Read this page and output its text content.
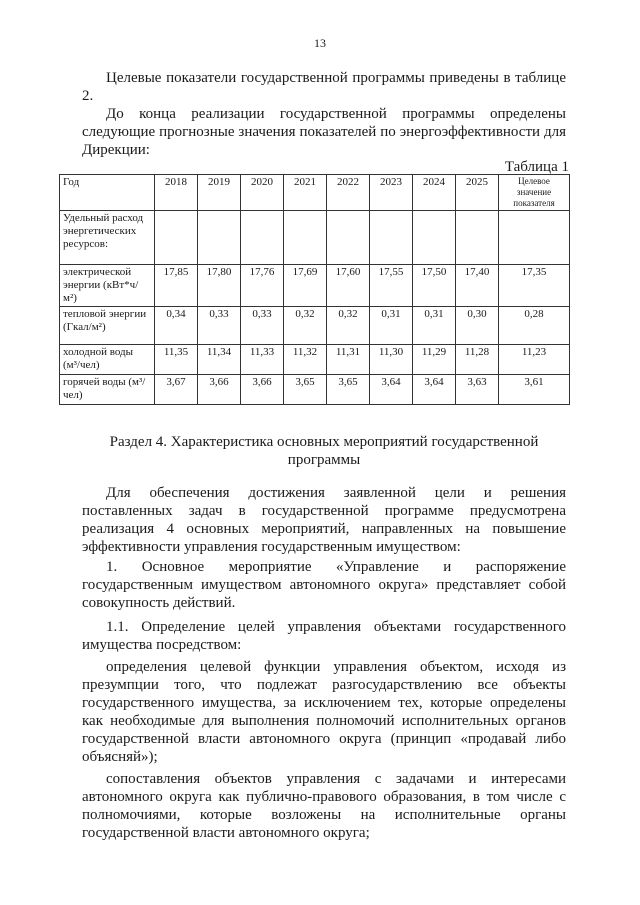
13

Целевые показатели государственной программы приведены в таблице 2.

До конца реализации государственной программы определены следующие прогнозные значения показателей по энергоэффективности для Дирекции:

Таблица 1
Год	2018	2019	2020	2021	2022	2023	2024	2025	Целевое значение показателя
Удельный расход энергетических ресурсов:									
электрической энергии (кВт*ч/м²)	17,85	17,80	17,76	17,69	17,60	17,55	17,50	17,40	17,35
тепловой энергии (Гкал/м²)	0,34	0,33	0,33	0,32	0,32	0,31	0,31	0,30	0,28
холодной воды (м³/чел)	11,35	11,34	11,33	11,32	11,31	11,30	11,29	11,28	11,23
горячей воды (м³/чел)	3,67	3,66	3,66	3,65	3,65	3,64	3,64	3,63	3,61
Раздел 4. Характеристика основных мероприятий государственной программы

Для обеспечения достижения заявленной цели и решения поставленных задач в государственной программе предусмотрена реализация 4 основных мероприятий, направленных на повышение эффективности управления государственным имуществом:

1. Основное мероприятие «Управление и распоряжение государственным имуществом автономного округа» представляет собой совокупность действий.

1.1. Определение целей управления объектами государственного имущества посредством:

определения целевой функции управления объектом, исходя из презумпции того, что подлежат разгосударствлению все объекты государственного имущества, за исключением тех, которые определены как необходимые для выполнения полномочий исполнительных органов государственной власти автономного округа (принцип «продавай либо объясняй»);

сопоставления объектов управления с задачами и интересами автономного округа как публично-правового образования, в том числе с полномочиями, которые возложены на исполнительные органы государственной власти автономного округа;
